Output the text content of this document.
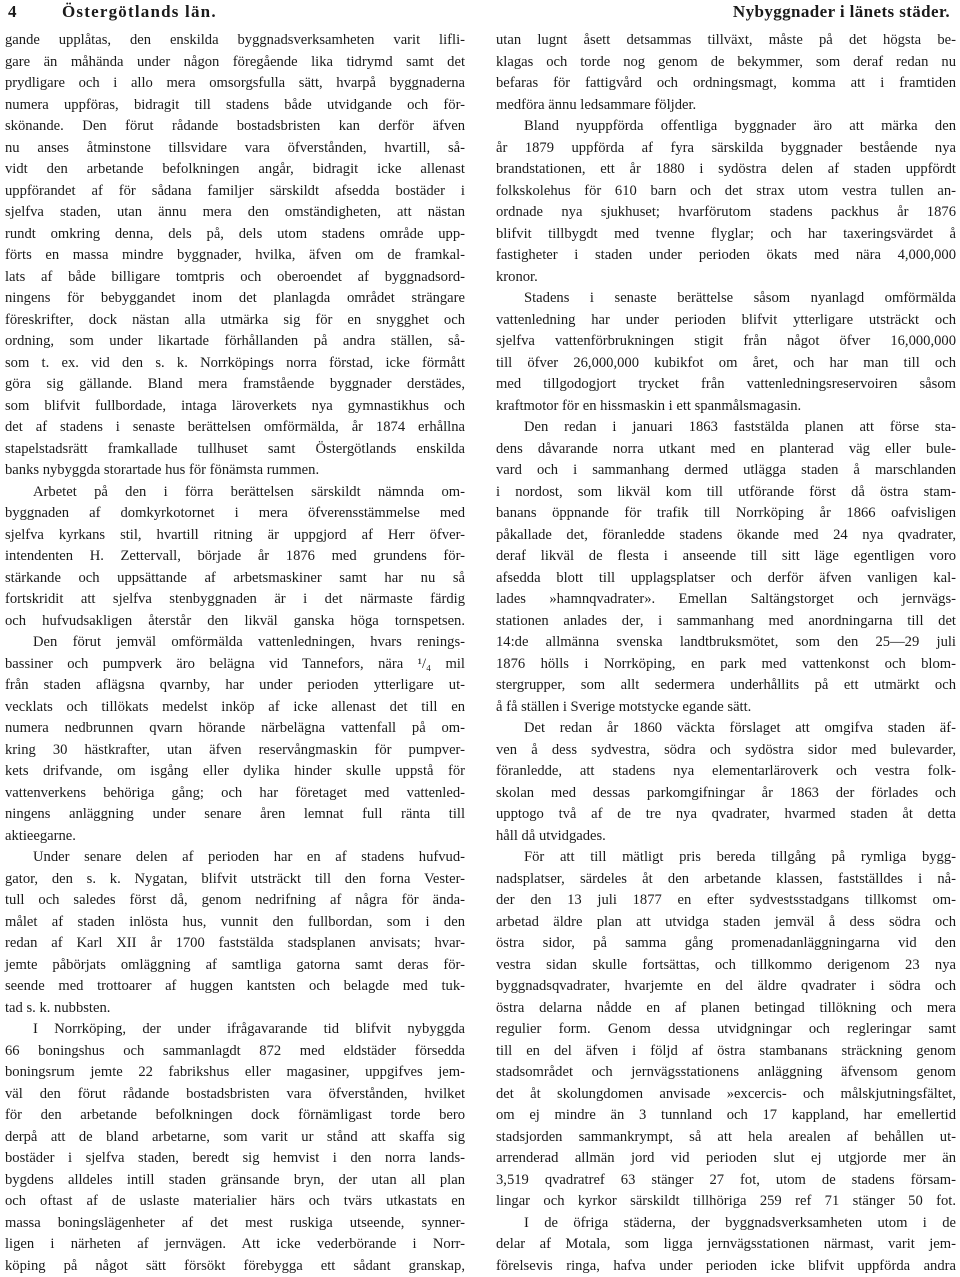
4	Östergötlands län.	Nybyggnader i länets städer.
gande upplåtas, den enskilda byggnadsverksamheten varit lifli-
gare än måhända under någon föregående lika tidrymd samt det
prydligare och i allo mera omsorgsfulla sätt, hvarpå byggnaderna
numera uppföras, bidragit till stadens både utvidgande och för-
skönande. Den förut rådande bostadsbristen kan derför äfven
nu anses åtminstone tillsvidare vara öfverstånden, hvartill, så-
vidt den arbetande befolkningen angår, bidragit icke allenast
uppförandet af för sådana familjer särskildt afsedda bostäder i
sjelfva staden, utan ännu mera den omständigheten, att nästan
rundt omkring denna, dels på, dels utom stadens område upp-
förts en massa mindre byggnader, hvilka, äfven om de framkal-
lats af både billigare tomtpris och oberoendet af byggnadsord-
ningens för bebyggandet inom det planlagda området strängare
föreskrifter, dock nästan alla utmärka sig för en snygghet och
ordning, som under likartade förhållanden på andra ställen, så-
som t. ex. vid den s. k. Norrköpings norra förstad, icke förmått
göra sig gällande. Bland mera framstående byggnader derstädes,
som blifvit fullbordade, intaga läroverkets nya gymnastikhus och
det af stadens i senaste berättelsen omförmälda, år 1874 erhållna
stapelstadsrätt framkallade tullhuset samt Östergötlands enskilda
banks nybyggda storartade hus för fönämsta rummen.
Arbetet på den i förra berättelsen särskildt nämnda om-
byggnaden af domkyrkotornet i mera öfverensstämmelse med
sjelfva kyrkans stil, hvartill ritning är uppgjord af Herr öfver-
intendenten H. Zettervall, började år 1876 med grundens för-
stärkande och uppsättande af arbetsmaskiner samt har nu så
fortskridit att sjelfva stenbyggnaden är i det närmaste färdig
och hufvudsakligen återstår den likväl ganska höga tornspetsen.
Den förut jemväl omförmälda vattenledningen, hvars renings-
bassiner och pumpverk äro belägna vid Tannefors, nära ¹/₄ mil
från staden aflägsna qvarnby, har under perioden ytterligare ut-
vecklats och tillökats medelst inköp af icke allenast det till en
numera nedbrunnen qvarn hörande närbelägna vattenfall på om-
kring 30 hästkrafter, utan äfven reservångmaskin för pumpver-
kets drifvande, om isgång eller dylika hinder skulle uppstå för
vattenverkens behöriga gång; och har företaget med vattenled-
ningens anläggning under senare åren lemnat full ränta till
aktieegarne.
Under senare delen af perioden har en af stadens hufvud-
gator, den s. k. Nygatan, blifvit utsträckt till den forna Vester-
tull och saledes först då, genom nedrifning af några för ända-
målet af staden inlösta hus, vunnit den fullbordan, som i den
redan af Karl XII år 1700 faststälda stadsplanen anvisats; hvar-
jemte påbörjats omläggning af samtliga gatorna samt deras för-
seende med trottoarer af huggen kantsten och belagde med tuk-
tad s. k. nubbsten.
I Norrköping, der under ifrågavarande tid blifvit nybyggda
66 boningshus och sammanlagdt 872 med eldstäder försedda
boningsrum jemte 22 fabrikshus eller magasiner, uppgifves jem-
väl den förut rådande bostadsbristen vara öfverstånden, hvilket
för den arbetande befolkningen dock förnämligast torde bero
derpå att de bland arbetarne, som varit ur stånd att skaffa sig
bostäder i sjelfva staden, beredt sig hemvist i den norra lands-
bygdens alldeles intill staden gränsande bryn, der utan all plan
och oftast af de uslaste materialier härs och tvärs utkastats en
massa boningslägenheter af det mest ruskiga utseende, synner-
ligen i närheten af jernvägen. Att icke vederbörande i Norr-
köping på något sätt försökt förebygga ett sådant granskap,
utan lugnt åsett detsammas tillväxt, måste på det högsta be-
klagas och torde nog genom de bekymmer, som deraf redan nu
befaras för fattigvård och ordningsmagt, komma att i framtiden
medföra ännu ledsammare följder.
Bland nyuppförda offentliga byggnader äro att märka den
år 1879 uppförda af fyra särskilda byggnader bestående nya
brandstationen, ett år 1880 i sydöstra delen af staden uppfördt
folkskolehus för 610 barn och det strax utom vestra tullen an-
ordnade nya sjukhuset; hvarförutom stadens packhus år 1876
blifvit tillbygdt med tvenne flyglar; och har taxeringsvärdet å
fastigheter i staden under perioden ökats med nära 4,000,000
kronor.
Stadens i senaste berättelse såsom nyanlagd omförmälda
vattenledning har under perioden blifvit ytterligare utsträckt och
sjelfva vattenförbrukningen stigit från något öfver 16,000,000
till öfver 26,000,000 kubikfot om året, och har man till och
med tillgodogjort trycket från vattenledningsreservoiren såsom
kraftmotor för en hissmaskin i ett spanmålsmagasin.
Den redan i januari 1863 faststälda planen att förse sta-
dens dåvarande norra utkant med en planterad väg eller bule-
vard och i sammanhang dermed utlägga staden å marschlanden
i nordost, som likväl kom till utförande först då östra stam-
banans öppnande för trafik till Norrköping år 1866 oafvisligen
påkallade det, föranledde stadens ökande med 24 nya qvadrater,
deraf likväl de flesta i anseende till sitt läge egentligen voro
afsedda blott till upplagsplatser och derför äfven vanligen kal-
lades »hamnqvadrater». Emellan Saltängstorget och jernvägs-
stationen anlades der, i sammanhang med anordningarna till det
14:de allmänna svenska landtbruksmötet, som den 25—29 juli
1876 hölls i Norrköping, en park med vattenkonst och blom-
stergrupper, som allt sedermera underhållits på ett utmärkt och
å få ställen i Sverige motstycke egande sätt.
Det redan år 1860 väckta förslaget att omgifva staden äf-
ven å dess sydvestra, södra och sydöstra sidor med bulevarder,
föranledde, att stadens nya elementarläroverk och vestra folk-
skolan med dessas parkomgifningar år 1863 der förlades och
upptogo två af de tre nya qvadrater, hvarmed staden åt detta
håll då utvidgades.
För att till mätligt pris bereda tillgång på rymliga bygg-
nadsplatser, särdeles åt den arbetande klassen, fastställdes i nå-
der den 13 juli 1877 en efter sydvestsstadgans tillkomst om-
arbetad äldre plan att utvidga staden jemväl å dess södra och
östra sidor, på samma gång promenadanläggningarna vid den
vestra sidan skulle fortsättas, och tillkommo derigenom 23 nya
byggnadsqvadrater, hvarjemte en del äldre qvadrater i södra och
östra delarna nådde en af planen betingad tillökning och mera
regulier form. Genom dessa utvidgningar och regleringar samt
till en del äfven i följd af östra stambanans sträckning genom
stadsområdet och jernvägsstationens anläggning äfvensom genom
det åt skolungdomen anvisade »excercis- och målskjutningsfältet,
om ej mindre än 3 tunnland och 17 kappland, har emellertid
stadsjorden sammankrympt, så att hela arealen af behållen ut-
arrenderad allmän jord vid perioden slut ej utgjorde mer än
3,519 qvadratref 63 stänger 27 fot, utom de stadens försam-
lingar och kyrkor särskildt tillhöriga 259 ref 71 stänger 50 fot.
I de öfriga städerna, der byggnadsverksamheten utom i de
delar af Motala, som ligga jernvägsstationen närmast, varit jem-
förelsevis ringa, hafva under perioden icke blifvit uppförda andra
